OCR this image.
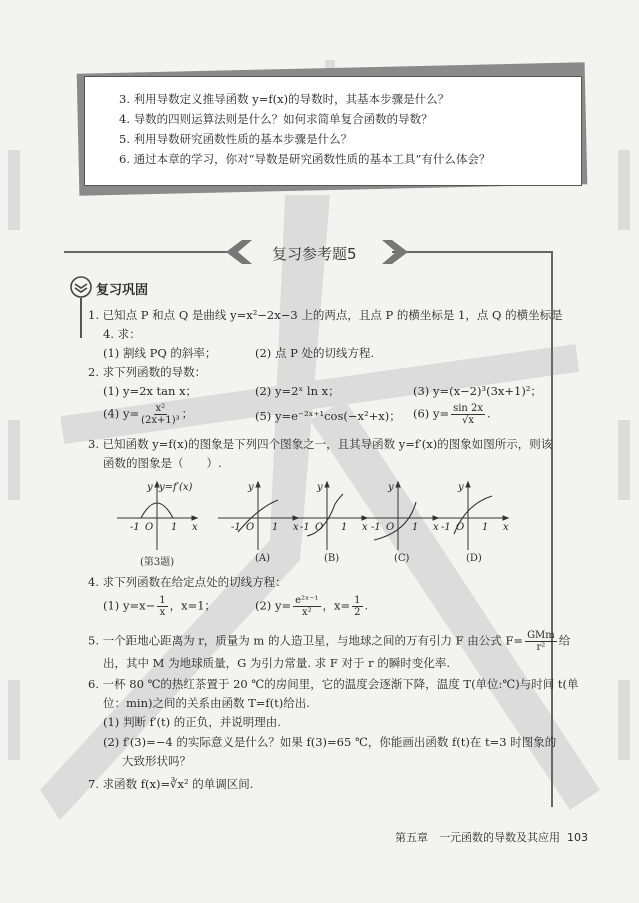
3. 利用导数定义推导函数 y=f(x)的导数时，其基本步骤是什么？
4. 导数的四则运算法则是什么？如何求简单复合函数的导数？
5. 利用导数研究函数性质的基本步骤是什么？
6. 通过本章的学习，你对“导数是研究函数性质的基本工具”有什么体会？
复习参考题5
复习巩固
1. 已知点 P 和点 Q 是曲线 y=x²−2x−3 上的两点，且点 P 的横坐标是 1，点 Q 的横坐标是
4. 求：
(1) 割线 PQ 的斜率；	(2) 点 P 处的切线方程.
2. 求下列函数的导数：
(1) y=2x tan x；	(2) y=2ˣ ln x；	(3) y=(x−2)³(3x+1)²；
(4) $y= \frac{\text{x²}}{\text{(2x+1)³}}$ ；	(5) y=e⁻²ˣ⁺¹cos(−x²+x)； (6) $y= \frac{\sin 2x}{√x}$ .
3. 已知函数 y=f(x)的图象是下列四个图象之一，且其导函数 y=f′(x)的图象如图所示，则该
函数的图象是（　　）.
y
x
O
-1	1
y=f′(x)	y
x
O
-1	1
y
x
O
-1	1
y
x
O
-1	1
y
x
O
-1	1
(第3题)	(A)	(B)	(C)	(D)
4. 求下列函数在给定点处的切线方程：
(1) $y=x- \frac{1}{x}$ ，x=1；	(2) $y= \frac{\text{e²ˣ⁻¹}}{\text{x²}}$ ，$x= \frac{1}{2}$ .
5. 一个距地心距离为 r，质量为 m 的人造卫星，与地球之间的万有引力 F 由公式 $F= \frac{\text{GMm}}{\text{r²}}$ 给
出，其中 M 为地球质量，G 为引力常量. 求 F 对于 r 的瞬时变化率.
6. 一杯 80 ℃的热红茶置于 20 ℃的房间里，它的温度会逐渐下降，温度 T(单位:℃)与时间 t(单
位：min)之间的关系由函数 T=f(t)给出.
(1) 判断 f′(t) 的正负，并说明理由.
(2) f′(3)=−4 的实际意义是什么？如果 f(3)=65 ℃，你能画出函数 f(t)在 t=3 时图象的
大致形状吗？
7. 求函数 f(x)=∛x² 的单调区间.
第五章　一元函数的导数及其应用 103
